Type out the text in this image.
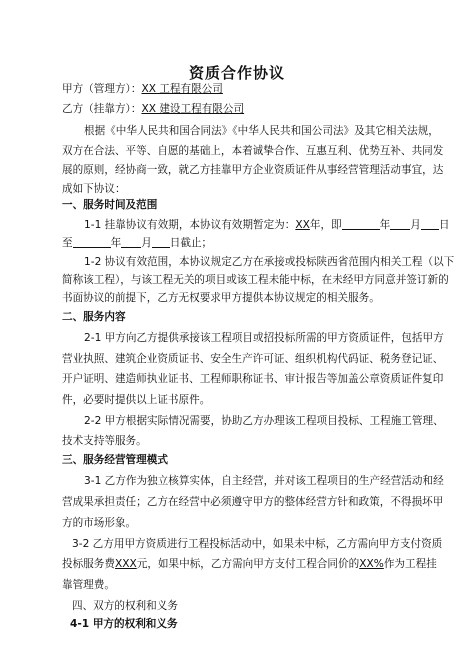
资质合作协议
甲方（管理方）：XX 工程有限公司
乙方（挂靠方）：XX 建设工程有限公司
根据《中华人民共和国合同法》《中华人民共和国公司法》及其它相关法规，
双方在合法、平等、自愿的基础上，本着诚挚合作、互惠互利、优势互补、共同发
展的原则，经协商一致，就乙方挂靠甲方企业资质证件从事经营管理活动事宜，达
成如下协议：
一、服务时间及范围
1-1 挂靠协议有效期，本协议有效期暂定为：XX年，即	年 月 日
至	年 月 日截止；
1-2 协议有效范围，本协议规定乙方在承接或投标陕西省范围内相关工程（以下
简称该工程），与该工程无关的项目或该工程未能中标，在未经甲方同意并签订新的
书面协议的前提下，乙方无权要求甲方提供本协议规定的相关服务。
二、服务内容
2-1 甲方向乙方提供承接该工程项目或招投标所需的甲方资质证件，包括甲方
营业执照、建筑企业资质证书、安全生产许可证、组织机构代码证、税务登记证、
开户证明、建造师执业证书、工程师职称证书、审计报告等加盖公章资质证件复印
件，必要时提供以上证书原件。
2-2 甲方根据实际情况需要，协助乙方办理该工程项目投标、工程施工管理、
技术支持等服务。
三、服务经营管理模式
3-1 乙方作为独立核算实体，自主经营，并对该工程项目的生产经营活动和经
营成果承担责任；乙方在经营中必须遵守甲方的整体经营方针和政策，不得损坏甲
方的市场形象。
3-2 乙方用甲方资质进行工程投标活动中，如果未中标，乙方需向甲方支付资质
投标服务费XXX元，如果中标，乙方需向甲方支付工程合同价的XX%作为工程挂
靠管理费。
四、双方的权利和义务
4-1 甲方的权利和义务
